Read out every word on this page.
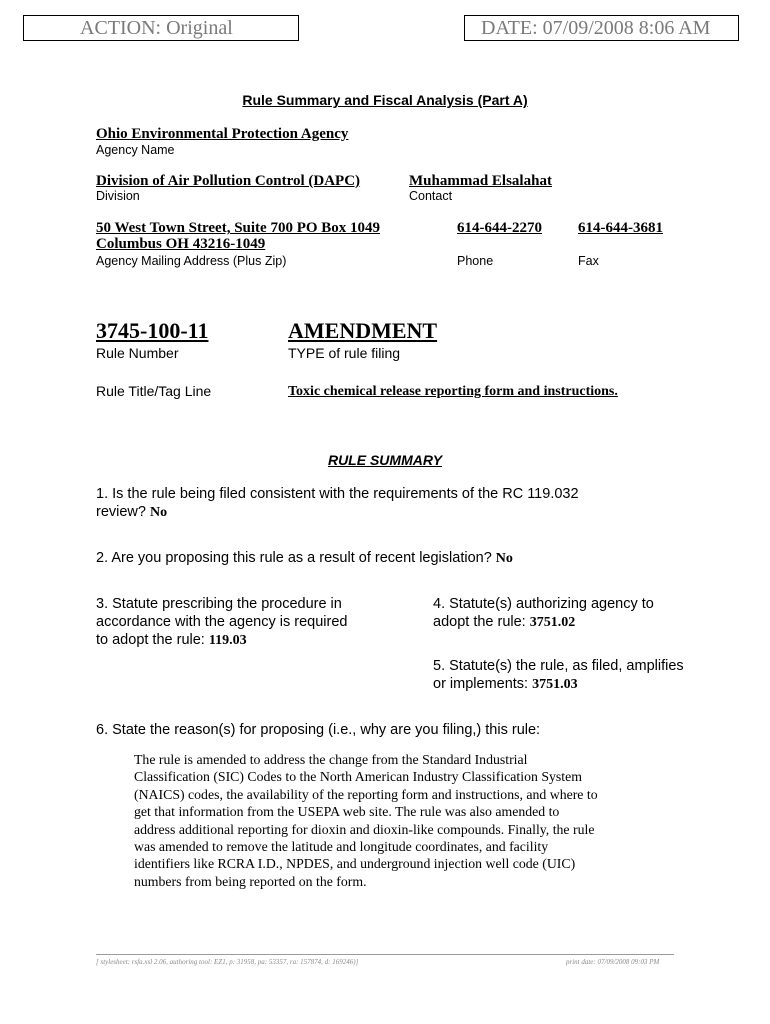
ACTION: Original	DATE: 07/09/2008 8:06 AM
Rule Summary and Fiscal Analysis (Part A)
Ohio Environmental Protection Agency
Agency Name
Division of Air Pollution Control (DAPC)
Division
Muhammad Elsalahat
Contact
50 West Town Street, Suite 700 PO Box 1049
Columbus OH 43216-1049
Agency Mailing Address (Plus Zip)
614-644-2270
Phone
614-644-3681
Fax
3745-100-11
Rule Number
AMENDMENT
TYPE of rule filing
Rule Title/Tag Line	Toxic chemical release reporting form and instructions.
RULE SUMMARY
1. Is the rule being filed consistent with the requirements of the RC 119.032
review? No
2. Are you proposing this rule as a result of recent legislation? No
3. Statute prescribing the procedure in
accordance with the agency is required
to adopt the rule: 119.03
4. Statute(s) authorizing agency to
adopt the rule: 3751.02
5. Statute(s) the rule, as filed, amplifies
or implements: 3751.03
6. State the reason(s) for proposing (i.e., why are you filing,) this rule:
The rule is amended to address the change from the Standard Industrial
Classification (SIC) Codes to the North American Industry Classification System
(NAICS) codes, the availability of the reporting form and instructions, and where to
get that information from the USEPA web site. The rule was also amended to
address additional reporting for dioxin and dioxin-like compounds. Finally, the rule
was amended to remove the latitude and longitude coordinates, and facility
identifiers like RCRA I.D., NPDES, and underground injection well code (UIC)
numbers from being reported on the form.
[ stylesheet: rsfa.xsl 2.06, authoring tool: EZ1, p: 31958, pa: 53357, ra: 157874, d: 169246)]	print date: 07/09/2008 09:03 PM
